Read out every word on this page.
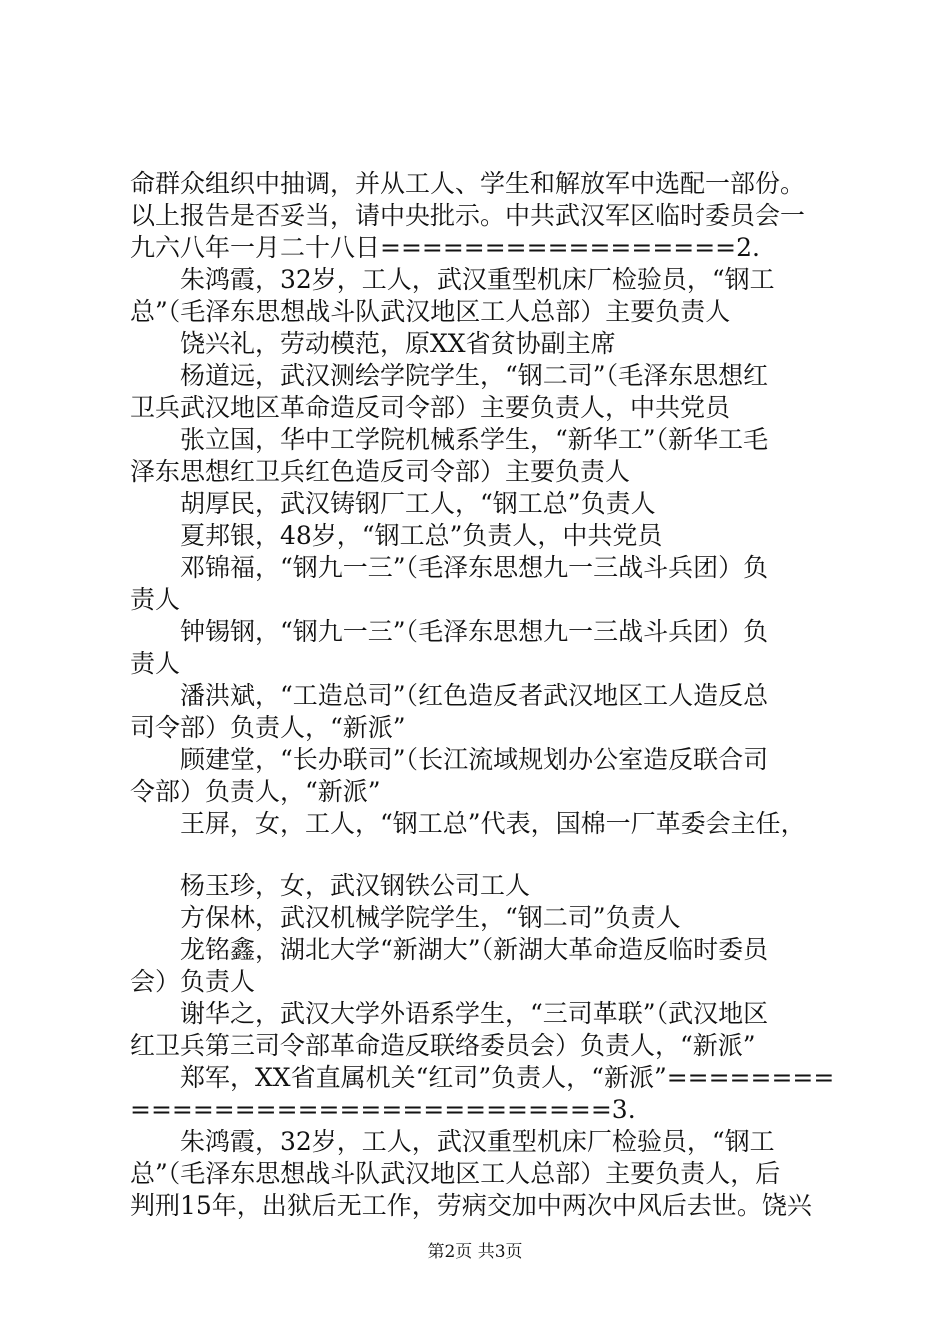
命群众组织中抽调，并从工人、学生和解放军中选配一部份。
以上报告是否妥当，请中央批示。中共武汉军区临时委员会一
九六八年一月二十八日=================2.
　　朱鸿霞，32岁，工人，武汉重型机床厂检验员，“钢工
总”（毛泽东思想战斗队武汉地区工人总部）主要负责人
　　饶兴礼，劳动模范，原XX省贫协副主席
　　杨道远，武汉测绘学院学生，“钢二司”（毛泽东思想红
卫兵武汉地区革命造反司令部）主要负责人，中共党员
　　张立国，华中工学院机械系学生，“新华工”（新华工毛
泽东思想红卫兵红色造反司令部）主要负责人
　　胡厚民，武汉铸钢厂工人，“钢工总”负责人
　　夏邦银，48岁，“钢工总”负责人，中共党员
　　邓锦福，“钢九一三”（毛泽东思想九一三战斗兵团）负
责人
　　钟锡钢，“钢九一三”（毛泽东思想九一三战斗兵团）负
责人
　　潘洪斌，“工造总司”（红色造反者武汉地区工人造反总
司令部）负责人，“新派”
　　顾建堂，“长办联司”（长江流域规划办公室造反联合司
令部）负责人，“新派”
　　王屏，女，工人，“钢工总”代表，国棉一厂革委会主任，
　　杨玉珍，女，武汉钢铁公司工人
　　方保林，武汉机械学院学生，“钢二司”负责人
　　龙铭鑫，湖北大学“新湖大”（新湖大革命造反临时委员
会）负责人
　　谢华之，武汉大学外语系学生，“三司革联”（武汉地区
红卫兵第三司令部革命造反联络委员会）负责人，“新派”
　　郑军，XX省直属机关“红司”负责人，“新派”========
=======================3.
　　朱鸿霞，32岁，工人，武汉重型机床厂检验员，“钢工
总”（毛泽东思想战斗队武汉地区工人总部）主要负责人，后
判刑15年，出狱后无工作，劳病交加中两次中风后去世。饶兴
第2页 共3页
